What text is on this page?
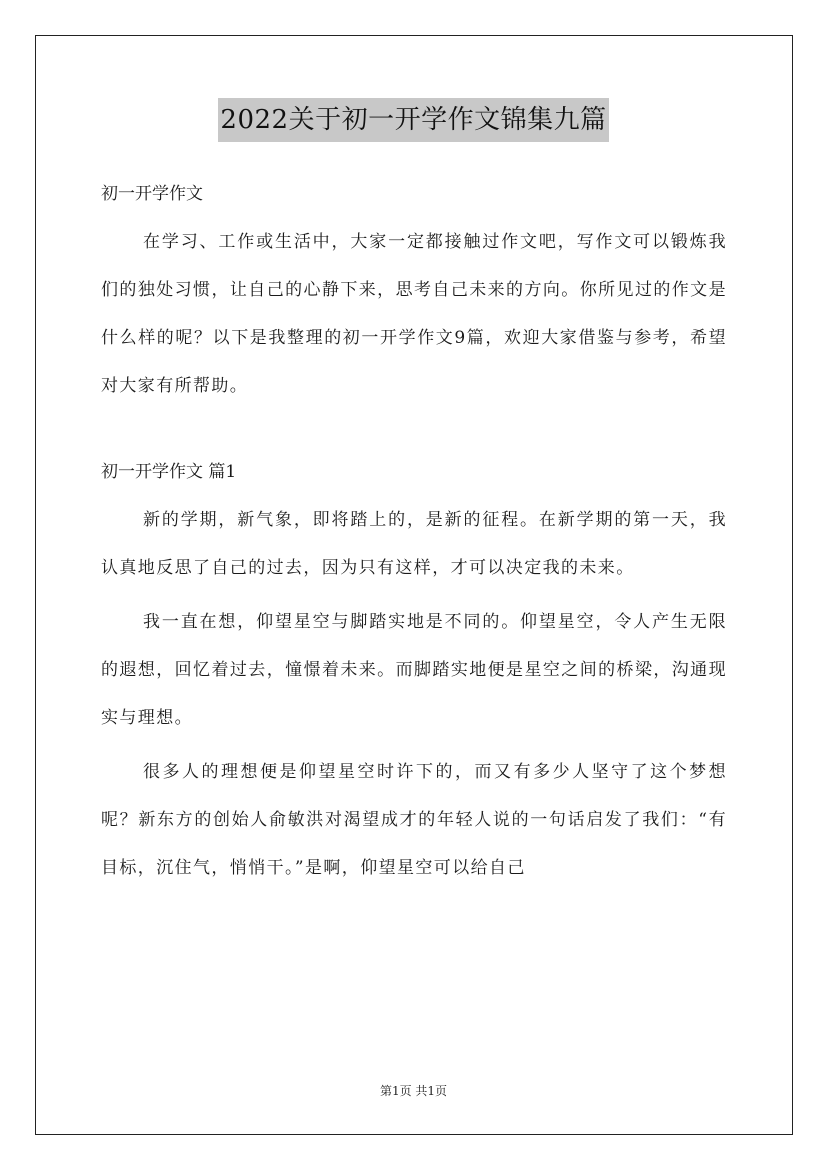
2022关于初一开学作文锦集九篇

初一开学作文

在学习、工作或生活中，大家一定都接触过作文吧，写作文可以锻炼我们的独处习惯，让自己的心静下来，思考自己未来的方向。你所见过的作文是什么样的呢？以下是我整理的初一开学作文9篇，欢迎大家借鉴与参考，希望对大家有所帮助。

初一开学作文 篇1

新的学期，新气象，即将踏上的，是新的征程。在新学期的第一天，我认真地反思了自己的过去，因为只有这样，才可以决定我的未来。

我一直在想，仰望星空与脚踏实地是不同的。仰望星空，令人产生无限的遐想，回忆着过去，憧憬着未来。而脚踏实地便是星空之间的桥梁，沟通现实与理想。

很多人的理想便是仰望星空时许下的，而又有多少人坚守了这个梦想呢？新东方的创始人俞敏洪对渴望成才的年轻人说的一句话启发了我们：“有目标，沉住气，悄悄干。”是啊，仰望星空可以给自己

第1页 共1页
